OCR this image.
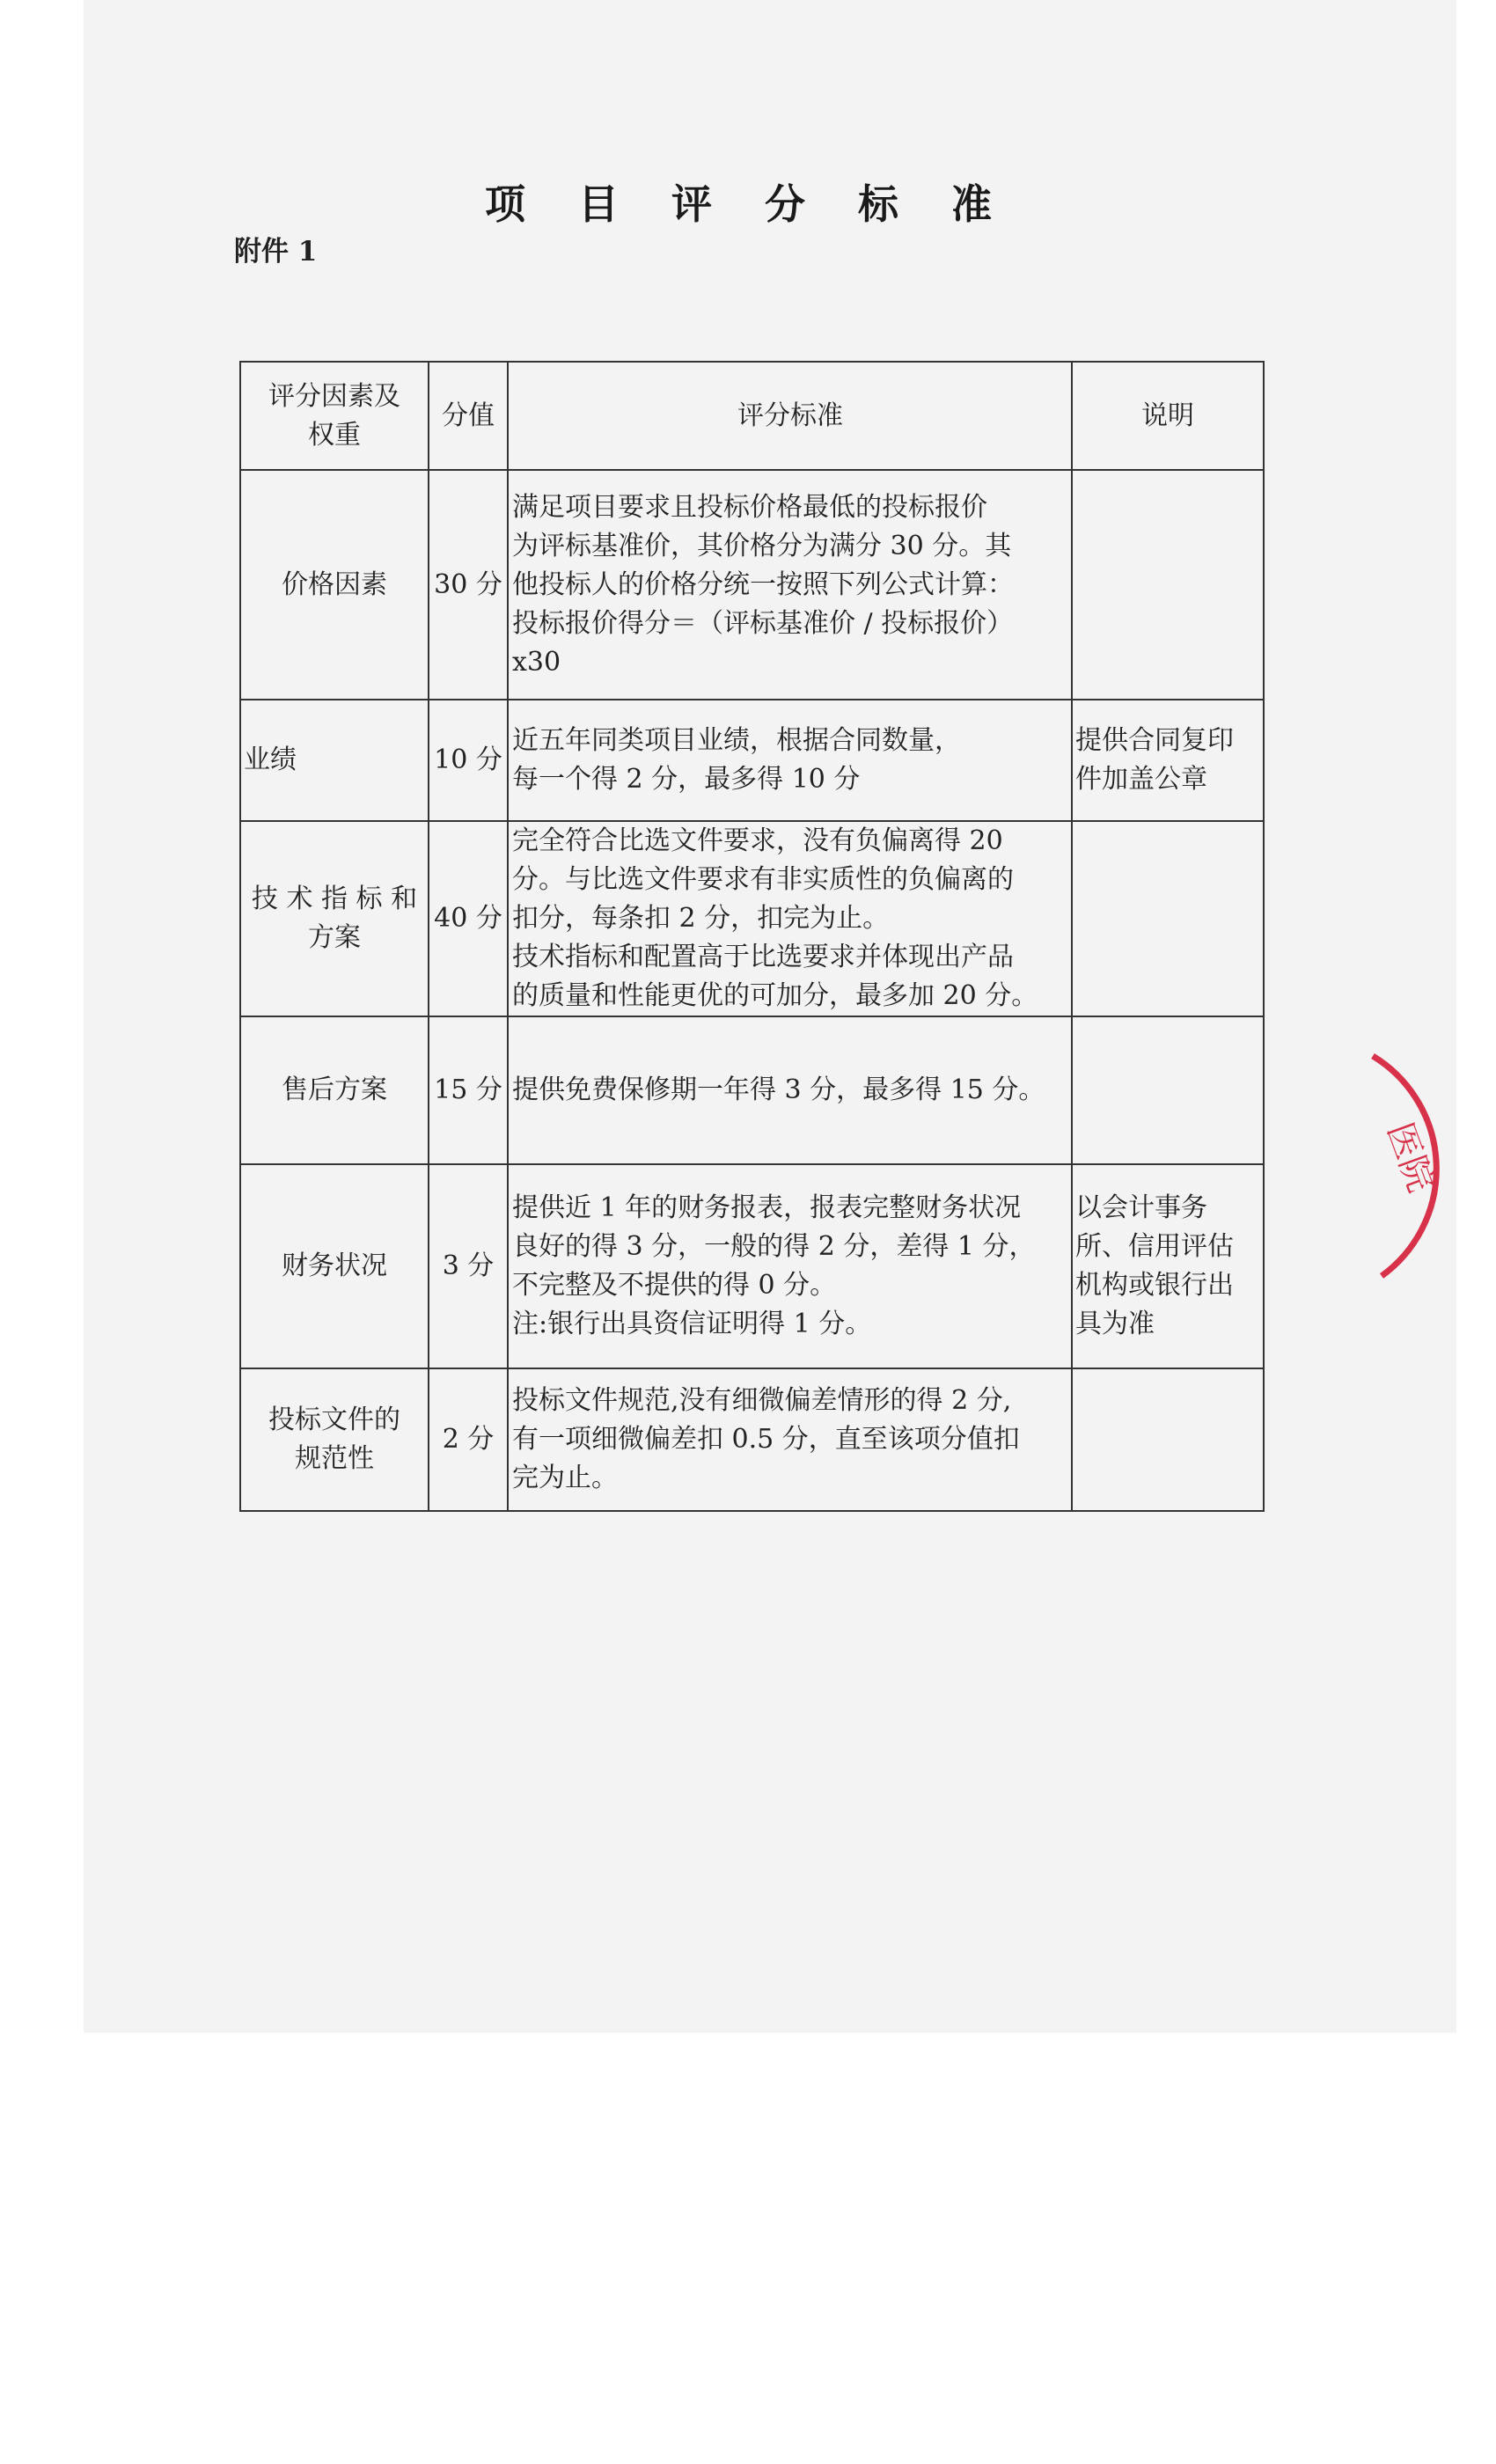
项 目 评 分 标 准
附件 1
评分因素及
权重	分值	评分标准	说明

价格因素	30 分	满足项目要求且投标价格最低的投标报价
为评标基准价，其价格分为满分 30 分。其
他投标人的价格分统一按照下列公式计算：
投标报价得分＝（评标基准价 / 投标报价）
x30	

业绩	10 分	近五年同类项目业绩，根据合同数量，
每一个得 2 分，最多得 10 分	提供合同复印
件加盖公章

技 术 指 标 和
方案	40 分	完全符合比选文件要求，没有负偏离得 20
分。与比选文件要求有非实质性的负偏离的
扣分，每条扣 2 分，扣完为止。
技术指标和配置高于比选要求并体现出产品
的质量和性能更优的可加分，最多加 20 分。	

售后方案	15 分	提供免费保修期一年得 3 分，最多得 15 分。	

财务状况	3 分	提供近 1 年的财务报表，报表完整财务状况
良好的得 3 分，一般的得 2 分，差得 1 分，
不完整及不提供的得 0 分。
注:银行出具资信证明得 1 分。	以会计事务
所、信用评估
机构或银行出
具为准

投标文件的
规范性	2 分	投标文件规范,没有细微偏差情形的得 2 分,
有一项细微偏差扣 0.5 分，直至该项分值扣
完为止。	

医院
